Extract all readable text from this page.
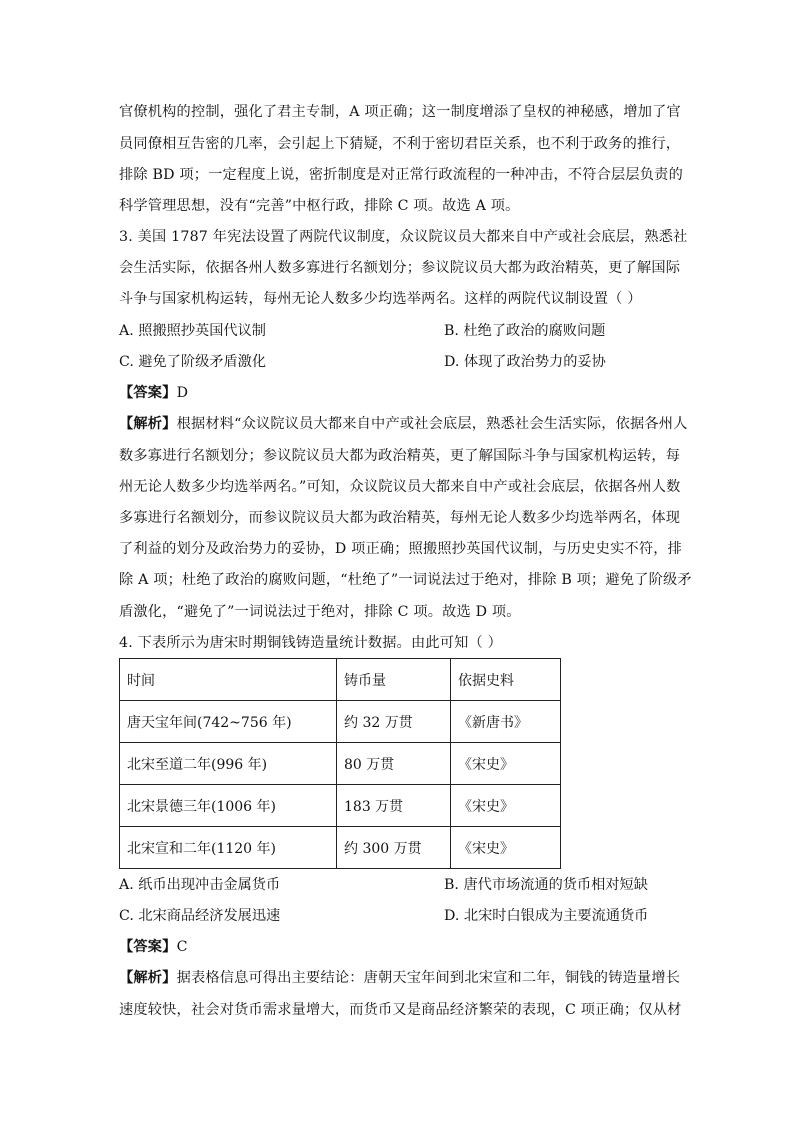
官僚机构的控制，强化了君主专制，A 项正确；这一制度增添了皇权的神秘感，增加了官
员同僚相互告密的几率，会引起上下猜疑，不利于密切君臣关系，也不利于政务的推行，
排除 BD 项；一定程度上说，密折制度是对正常行政流程的一种冲击，不符合层层负责的
科学管理思想，没有“完善”中枢行政，排除 C 项。故选 A 项。
3. 美国 1787 年宪法设置了两院代议制度，众议院议员大都来自中产或社会底层，熟悉社
会生活实际，依据各州人数多寡进行名额划分；参议院议员大都为政治精英，更了解国际
斗争与国家机构运转，每州无论人数多少均选举两名。这样的两院代议制设置（ ）
A. 照搬照抄英国代议制	B. 杜绝了政治的腐败问题
C. 避免了阶级矛盾激化	D. 体现了政治势力的妥协
【答案】D
【解析】根据材料“众议院议员大都来自中产或社会底层，熟悉社会生活实际，依据各州人
数多寡进行名额划分；参议院议员大都为政治精英，更了解国际斗争与国家机构运转，每
州无论人数多少均选举两名。”可知，众议院议员大都来自中产或社会底层，依据各州人数
多寡进行名额划分，而参议院议员大都为政治精英，每州无论人数多少均选举两名，体现
了利益的划分及政治势力的妥协，D 项正确；照搬照抄英国代议制，与历史史实不符，排
除 A 项；杜绝了政治的腐败问题，“杜绝了”一词说法过于绝对，排除 B 项；避免了阶级矛
盾激化，“避免了”一词说法过于绝对，排除 C 项。故选 D 项。
4. 下表所示为唐宋时期铜钱铸造量统计数据。由此可知（ ）
时间	铸币量	依据史料
唐天宝年间(742~756 年)	约 32 万贯	《新唐书》
北宋至道二年(996 年)	80 万贯	《宋史》
北宋景德三年(1006 年)	183 万贯	《宋史》
北宋宣和二年(1120 年)	约 300 万贯	《宋史》
A. 纸币出现冲击金属货币	B. 唐代市场流通的货币相对短缺
C. 北宋商品经济发展迅速	D. 北宋时白银成为主要流通货币
【答案】C
【解析】据表格信息可得出主要结论：唐朝天宝年间到北宋宣和二年，铜钱的铸造量增长
速度较快，社会对货币需求量增大，而货币又是商品经济繁荣的表现，C 项正确；仅从材
